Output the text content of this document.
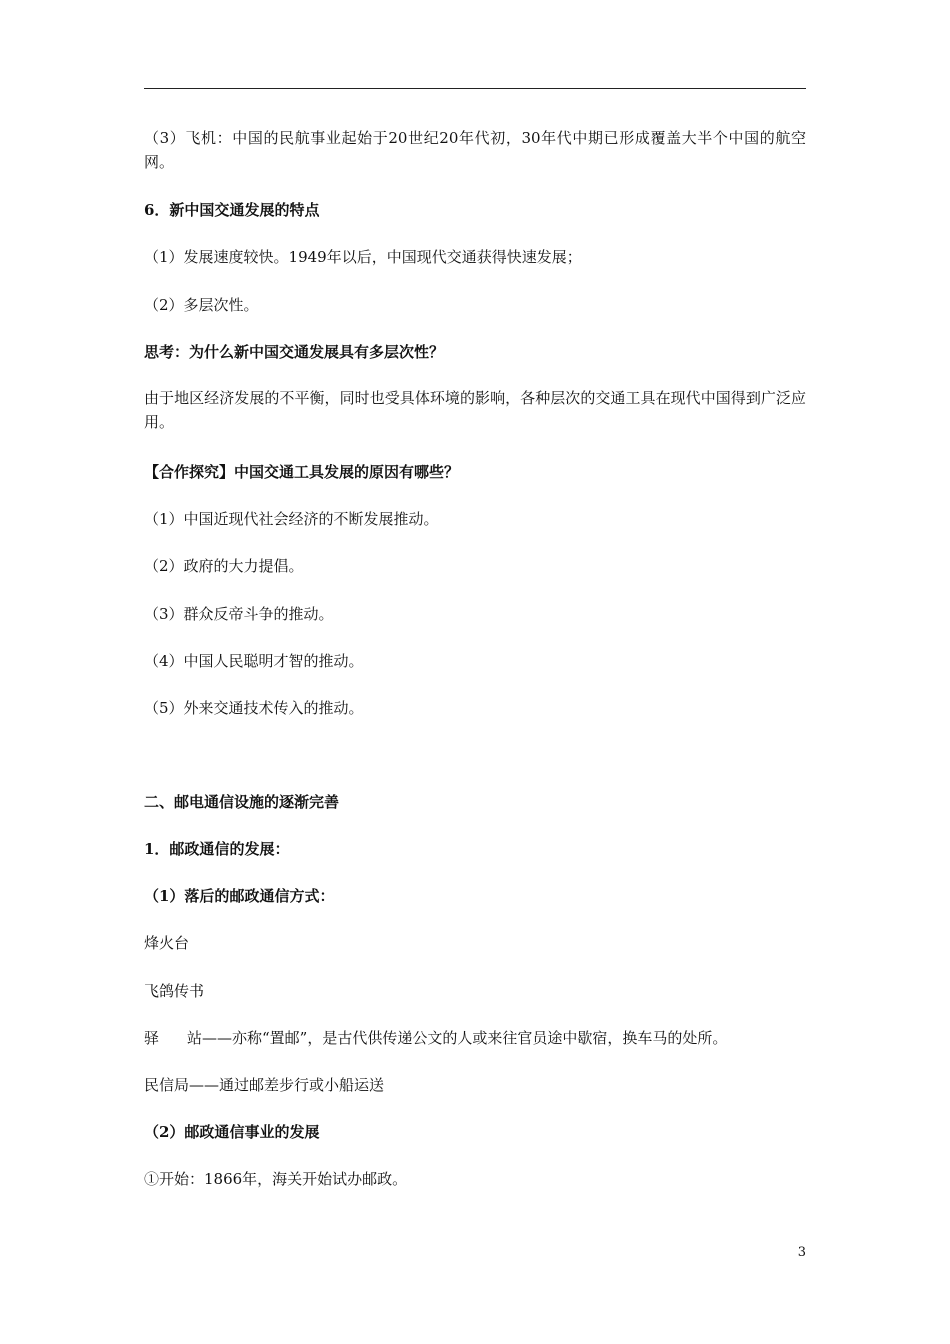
（3）飞机：中国的民航事业起始于20世纪20年代初，30年代中期已形成覆盖大半个中国的航空网。

6．新中国交通发展的特点

（1）发展速度较快。1949年以后，中国现代交通获得快速发展；

（2）多层次性。

思考：为什么新中国交通发展具有多层次性？

由于地区经济发展的不平衡，同时也受具体环境的影响，各种层次的交通工具在现代中国得到广泛应用。

【合作探究】中国交通工具发展的原因有哪些？

（1）中国近现代社会经济的不断发展推动。

（2）政府的大力提倡。

（3）群众反帝斗争的推动。

（4）中国人民聪明才智的推动。

（5）外来交通技术传入的推动。

二、邮电通信设施的逐渐完善

1．邮政通信的发展：

（1）落后的邮政通信方式：

烽火台

飞鸽传书

驿 站——亦称“置邮”，是古代供传递公文的人或来往官员途中歇宿，换车马的处所。

民信局——通过邮差步行或小船运送

（2）邮政通信事业的发展

①开始：1866年，海关开始试办邮政。

3
